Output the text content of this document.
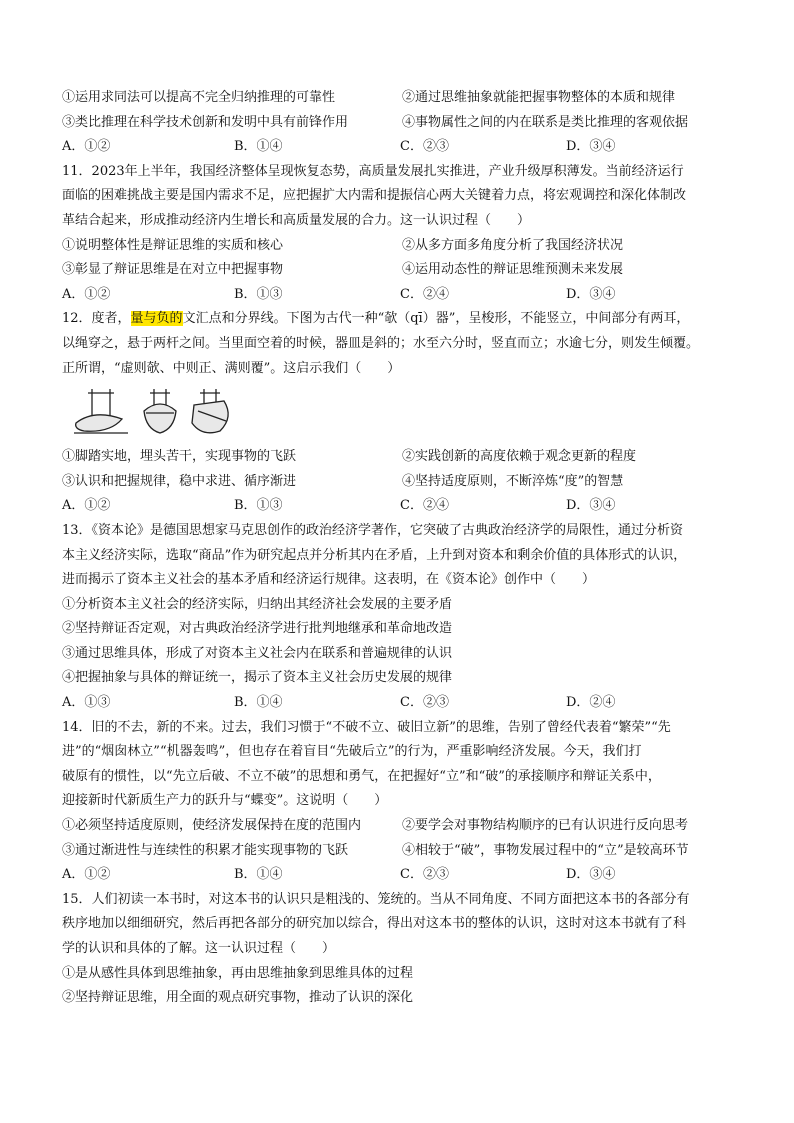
①运用求同法可以提高不完全归纳推理的可靠性	②通过思维抽象就能把握事物整体的本质和规律
③类比推理在科学技术创新和发明中具有前锋作用	④事物属性之间的内在联系是类比推理的客观依据
A．①②	B．①④	C．②③	D．③④
11．2023年上半年，我国经济整体呈现恢复态势，高质量发展扎实推进，产业升级厚积薄发。当前经济运行
面临的困难挑战主要是国内需求不足，应把握扩大内需和提振信心两大关键着力点，将宏观调控和深化体制改
革结合起来，形成推动经济内生增长和高质量发展的合力。这一认识过程（　　）
①说明整体性是辩证思维的实质和核心	②从多方面多角度分析了我国经济状况
③彰显了辩证思维是在对立中把握事物	④运用动态性的辩证思维预测未来发展
A．①②	B．①③	C．②④	D．③④
12．度者，量与负的文汇点和分界线。下图为古代一种“欹（qī）器”，呈梭形，不能竖立，中间部分有两耳，
以绳穿之，悬于两杆之间。当里面空着的时候，器皿是斜的；水至六分时，竖直而立；水逾七分，则发生倾覆。
正所谓，“虚则欹、中则正、满则覆”。这启示我们（　　）
①脚踏实地，埋头苦干，实现事物的飞跃	②实践创新的高度依赖于观念更新的程度
③认识和把握规律，稳中求进、循序渐进	④坚持适度原则，不断淬炼“度”的智慧
A．①②	B．①③	C．②④	D．③④
13．《资本论》是德国思想家马克思创作的政治经济学著作，它突破了古典政治经济学的局限性，通过分析资
本主义经济实际，选取“商品”作为研究起点并分析其内在矛盾，上升到对资本和剩余价值的具体形式的认识，
进而揭示了资本主义社会的基本矛盾和经济运行规律。这表明，在《资本论》创作中（　　）
①分析资本主义社会的经济实际，归纳出其经济社会发展的主要矛盾
②坚持辩证否定观，对古典政治经济学进行批判地继承和革命地改造
③通过思维具体，形成了对资本主义社会内在联系和普遍规律的认识
④把握抽象与具体的辩证统一，揭示了资本主义社会历史发展的规律
A．①③	B．①④	C．②③	D．②④
14．旧的不去，新的不来。过去，我们习惯于“不破不立、破旧立新”的思维，告别了曾经代表着“繁荣”“先
进”的“烟囱林立”“机器轰鸣”，但也存在着盲目“先破后立”的行为，严重影响经济发展。今天，我们打
破原有的惯性，以“先立后破、不立不破”的思想和勇气，在把握好“立”和“破”的承接顺序和辩证关系中，
迎接新时代新质生产力的跃升与“蝶变”。这说明（　　）
①必须坚持适度原则，使经济发展保持在度的范围内	②要学会对事物结构顺序的已有认识进行反向思考
③通过渐进性与连续性的积累才能实现事物的飞跃	④相较于“破”，事物发展过程中的“立”是较高环节
A．①②	B．①④	C．②③	D．③④
15．人们初读一本书时，对这本书的认识只是粗浅的、笼统的。当从不同角度、不同方面把这本书的各部分有
秩序地加以细细研究，然后再把各部分的研究加以综合，得出对这本书的整体的认识，这时对这本书就有了科
学的认识和具体的了解。这一认识过程（　　）
①是从感性具体到思维抽象，再由思维抽象到思维具体的过程
②坚持辩证思维，用全面的观点研究事物，推动了认识的深化
